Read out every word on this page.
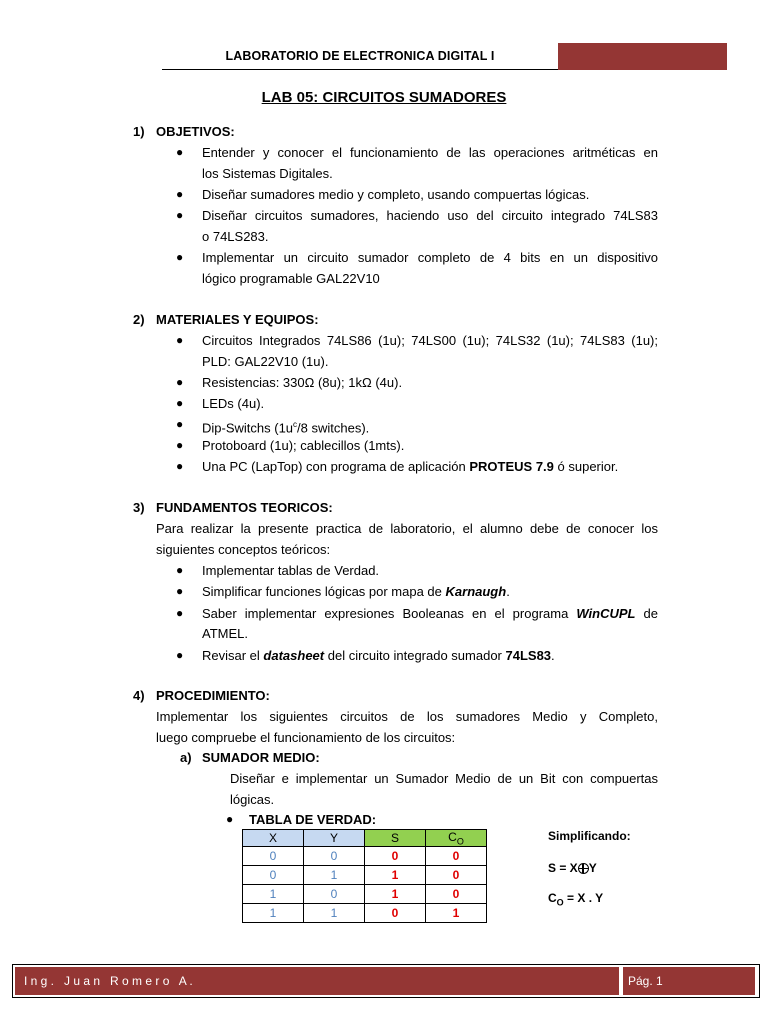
LABORATORIO DE ELECTRONICA DIGITAL I
LAB 05: CIRCUITOS SUMADORES
1) OBJETIVOS:
● Entender y conocer el funcionamiento de las operaciones aritméticas en
los Sistemas Digitales.
● Diseñar sumadores medio y completo, usando compuertas lógicas.
● Diseñar circuitos sumadores, haciendo uso del circuito integrado 74LS83
o 74LS283.
● Implementar un circuito sumador completo de 4 bits en un dispositivo
lógico programable GAL22V10
2) MATERIALES Y EQUIPOS:
● Circuitos Integrados 74LS86 (1u); 74LS00 (1u); 74LS32 (1u); 74LS83 (1u);
PLD: GAL22V10 (1u).
● Resistencias: 330Ω (8u); 1kΩ (4u).
● LEDs (4u).
● Dip-Switchs ($1u^c/8$ switches).
● Protoboard (1u); cablecillos (1mts).
● Una PC (LapTop) con programa de aplicación PROTEUS 7.9 ó superior.
3) FUNDAMENTOS TEORICOS:
Para realizar la presente practica de laboratorio, el alumno debe de conocer los
siguientes conceptos teóricos:
● Implementar tablas de Verdad.
● Simplificar funciones lógicas por mapa de Karnaugh.
● Saber implementar expresiones Booleanas en el programa WinCUPL de
ATMEL.
● Revisar el datasheet del circuito integrado sumador 74LS83.
4) PROCEDIMIENTO:
Implementar los siguientes circuitos de los sumadores Medio y Completo,
luego compruebe el funcionamiento de los circuitos:
a) SUMADOR MEDIO:
Diseñar e implementar un Sumador Medio de un Bit con compuertas
lógicas.
● TABLA DE VERDAD:
X	Y	S	$C_O$
0	0	0	0
0	1	1	0
1	0	1	0
1	1	0	1
Simplificando:
S = X Y
$C_O = X$ . Y
I n g .   J u a n   R o m e r o   A .	Pág. 1
